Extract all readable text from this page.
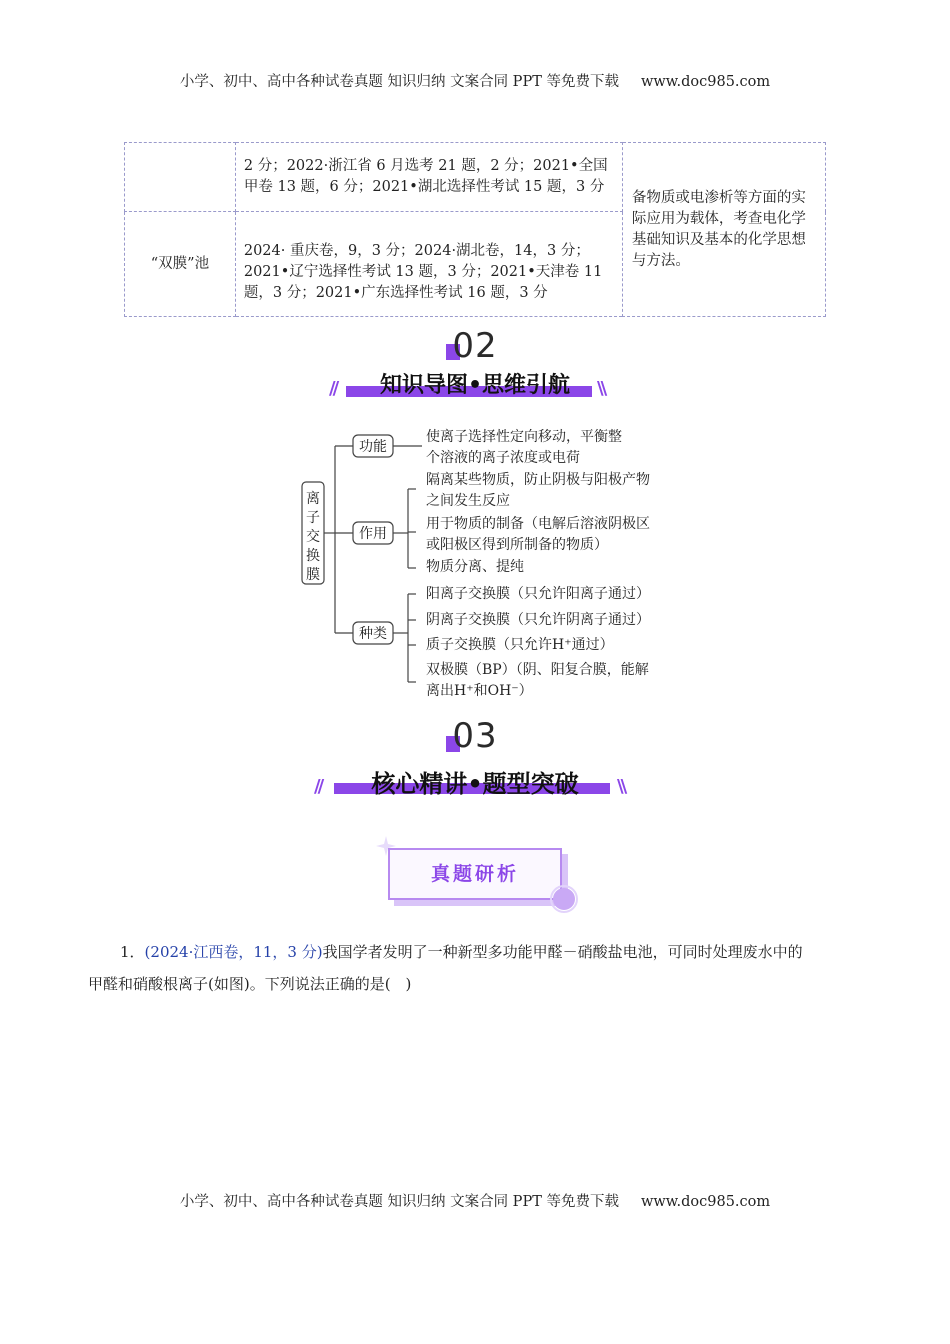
小学、初中、高中各种试卷真题 知识归纳 文案合同 PPT 等免费下载 www.doc985.com
	2 分；2022·浙江省 6 月选考 21 题，2 分；2021•全国甲卷 13 题，6 分；2021•湖北选择性考试 15 题，3 分	备物质或电渗析等方面的实际应用为载体，考查电化学基础知识及基本的化学思想与方法。
“双膜”池	2024· 重庆卷，9，3 分；2024·湖北卷，14，3 分；2021•辽宁选择性考试 13 题，3 分；2021•天津卷 11 题，3 分；2021•广东选择性考试 16 题，3 分	
02
//	\\
知识导图•思维引航
离
子
交
换
膜
功能
作用
种类
使离子选择性定向移动，平衡整个溶液的离子浓度或电荷
隔离某些物质，防止阴极与阳极产物之间发生反应
用于物质的制备（电解后溶液阴极区或阳极区得到所制备的物质）
物质分离、提纯
阳离子交换膜（只允许阳离子通过）
阴离子交换膜（只允许阴离子通过）
质子交换膜（只允许H⁺通过）
双极膜（BP）（阴、阳复合膜，能解离出H⁺和OH⁻）
03
//	\\
核心精讲•题型突破
真题研析
1．(2024·江西卷，11，3 分)我国学者发明了一种新型多功能甲醛－硝酸盐电池，可同时处理废水中的
甲醛和硝酸根离子(如图)。下列说法正确的是(　)
小学、初中、高中各种试卷真题 知识归纳 文案合同 PPT 等免费下载 www.doc985.com
